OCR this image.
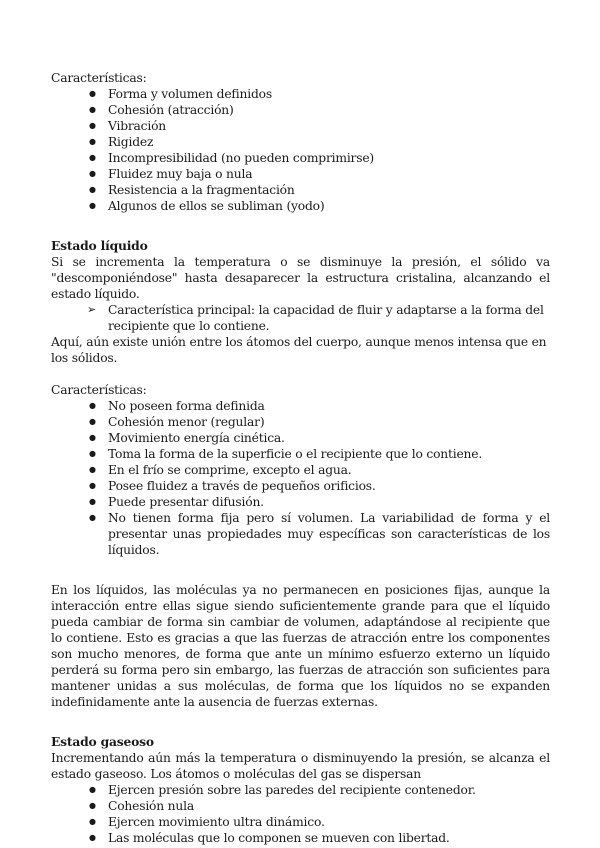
Características:

● Forma y volumen definidos
● Cohesión (atracción)
● Vibración
● Rigidez
● Incompresibilidad (no pueden comprimirse)
● Fluidez muy baja o nula
● Resistencia a la fragmentación
● Algunos de ellos se subliman (yodo)

Estado líquido

Si se incrementa la temperatura o se disminuye la presión, el sólido va "descomponiéndose" hasta desaparecer la estructura cristalina, alcanzando el estado líquido.

➢ Característica principal: la capacidad de fluir y adaptarse a la forma del recipiente que lo contiene.

Aquí, aún existe unión entre los átomos del cuerpo, aunque menos intensa que en los sólidos.

Características:

● No poseen forma definida
● Cohesión menor (regular)
● Movimiento energía cinética.
● Toma la forma de la superficie o el recipiente que lo contiene.
● En el frío se comprime, excepto el agua.
● Posee fluidez a través de pequeños orificios.
● Puede presentar difusión.
● No tienen forma fija pero sí volumen. La variabilidad de forma y el presentar unas propiedades muy específicas son características de los líquidos.

En los líquidos, las moléculas ya no permanecen en posiciones fijas, aunque la interacción entre ellas sigue siendo suficientemente grande para que el líquido pueda cambiar de forma sin cambiar de volumen, adaptándose al recipiente que lo contiene. Esto es gracias a que las fuerzas de atracción entre los componentes son mucho menores, de forma que ante un mínimo esfuerzo externo un líquido perderá su forma pero sin embargo, las fuerzas de atracción son suficientes para mantener unidas a sus moléculas, de forma que los líquidos no se expanden indefinidamente ante la ausencia de fuerzas externas.

Estado gaseoso

Incrementando aún más la temperatura o disminuyendo la presión, se alcanza el estado gaseoso. Los átomos o moléculas del gas se dispersan

● Ejercen presión sobre las paredes del recipiente contenedor.
● Cohesión nula
● Ejercen movimiento ultra dinámico.
● Las moléculas que lo componen se mueven con libertad.
